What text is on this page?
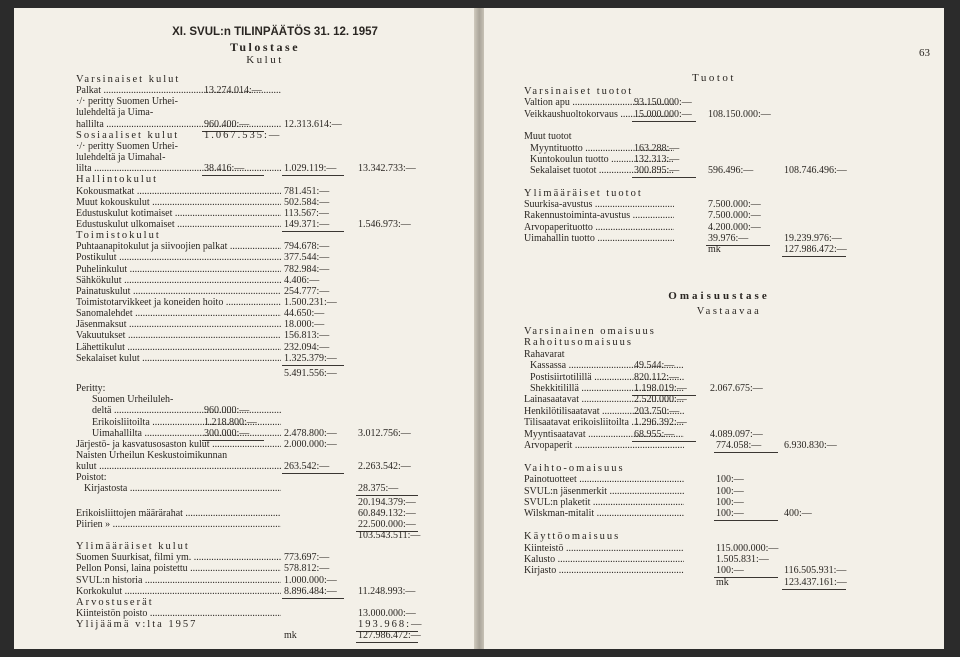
XI. SVUL:n TILINPÄÄTÖS 31. 12. 1957
Tulostase
Kulut
Varsinaiset kulut
Palkat .....	13.274.014:—
·/· peritty Suomen Urhei-
lulehdeltä ja Uima-
hallilta .....	960.400:—	12.313.614:—
Sosiaaliset kulut	1.067.535:—
·/· peritty Suomen Urhei-
lulehdeltä ja Uimahal-
lilta .....	38.416:—	1.029.119:— 13.342.733:—
Hallintokulut
Kokousmatkat .....	781.451:—
Muut kokouskulut .....	502.584:—
Edustuskulut kotimaiset .....	113.567:—
Edustuskulut ulkomaiset .....	149.371:—	1.546.973:—
Toimistokulut
Puhtaanapitokulut ja siivoojien palkat .....	794.678:—
Postikulut .....	377.544:—
Puhelinkulut .....	782.984:—
Sähkökulut .....	4.406:—
Painatuskulut .....	254.777:—
Toimistotarvikkeet ja koneiden hoito .....	1.500.231:—
Sanomalehdet .....	44.650:—
Jäsenmaksut .....	18.000:—
Vakuutukset .....	156.813:—
Lähettikulut .....	232.094:—
Sekalaiset kulut .....	1.325.379:—
5.491.556:—
Peritty:
Suomen Urheiluleh-
deltä .....	960.000:—
Erikoisliitoilta .....	1.218.800:—
Uimahallilta .....	300.000:—	2.478.800:— 3.012.756:—
Järjestö- ja kasvatusosaston kulut .....	2.000.000:—
Naisten Urheilun Keskustoimikunnan
kulut .....	263.542:—	2.263.542:—
Poistot:
Kirjastosta .....	28.375:—
20.194.379:—
Erikoisliittojen määrärahat .....	60.849.132:—
Piirien » .....	22.500.000:—
103.543.511:—
Ylimääräiset kulut
Suomen Suurkisat, filmi ym. .....	773.697:—
Pellon Ponsi, laina poistettu .....	578.812:—
SVUL:n historia .....	1.000.000:—
Korkokulut .....	8.896.484:— 11.248.993:—
Arvostuserät
Kiinteistön poisto .....	13.000.000:—
Ylijäämä v:lta 1957	193.968:—
mk	127.986.472:—
63
Tuotot
Varsinaiset tuotot
Valtion apu .....	93.150.000:—
Veikkaushuoltokorvaus .....	15.000.000:— 108.150.000:—
Muut tuotot
Myyntituotto .....	163.288:—
Kuntokoulun tuotto .....	132.313:—
Sekalaiset tuotot .....	300.895:—	596.496:—	108.746.496:—
Ylimääräiset tuotot
Suurkisa-avustus .....	7.500.000:—
Rakennustoiminta-avustus .....	7.500.000:—
Arvopaperituotto .....	4.200.000:—
Uimahallin tuotto .....	39.976:—	19.239.976:—
mk	127.986.472:—
Omaisuustase
Vastaavaa
Varsinainen omaisuus
Rahoitusomaisuus
Rahavarat
Kassassa .....	49.544:—
Postisiirtotilillä .....	820.112:—
Shekkitilillä .....	1.198.019:— 2.067.675:—
Lainasaatavat .....	2.520.000:—
Henkilötilisaatavat .....	203.750:—
Tilisaatavat erikoisliitoilta ..... 1.296.392:—
Myyntisaatavat .....	68.955:—	4.089.097:—
Arvopaperit .....	774.058:— 6.930.830:—
Vaihto-omaisuus
Painotuotteet .....	100:—
SVUL:n jäsenmerkit .....	100:—
SVUL:n plaketit .....	100:—
Wilskman-mitalit .....	100:—	400:—
Käyttöomaisuus
Kiinteistö .....	115.000.000:—
Kalusto .....	1.505.831:—
Kirjasto .....	100:—	116.505.931:—
mk	123.437.161:—
